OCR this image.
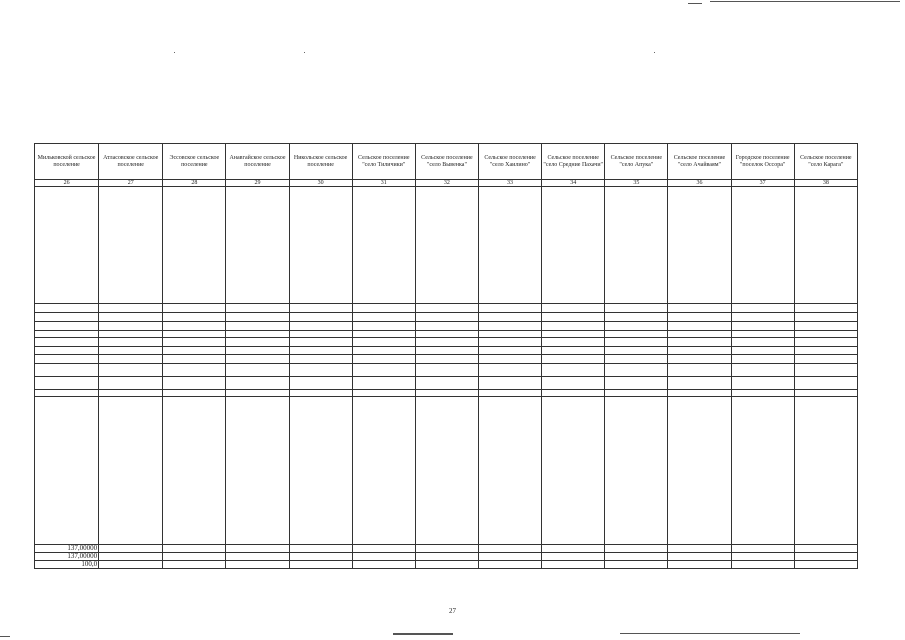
Мильковской сельское поселение	Атласовское сельское поселение	Эссовское сельское поселение	Анавгайское сельское поселение	Никольское сельское поселение	Сельское поселение "село Тиличики"	Сельское поселение "село Вывенка"	Сельское поселение "село Хаилино"	Сельское поселение "село Средние Пахачи"	Сельское поселение "село Апука"	Сельское поселение "село Ачайваям"	Городское поселение "поселок Оссора"	Сельское поселение "село Карага"
26	27	28	29	30	31	32	33	34	35	36	37	38

137,00000												
137,00000												
100,0												
27
